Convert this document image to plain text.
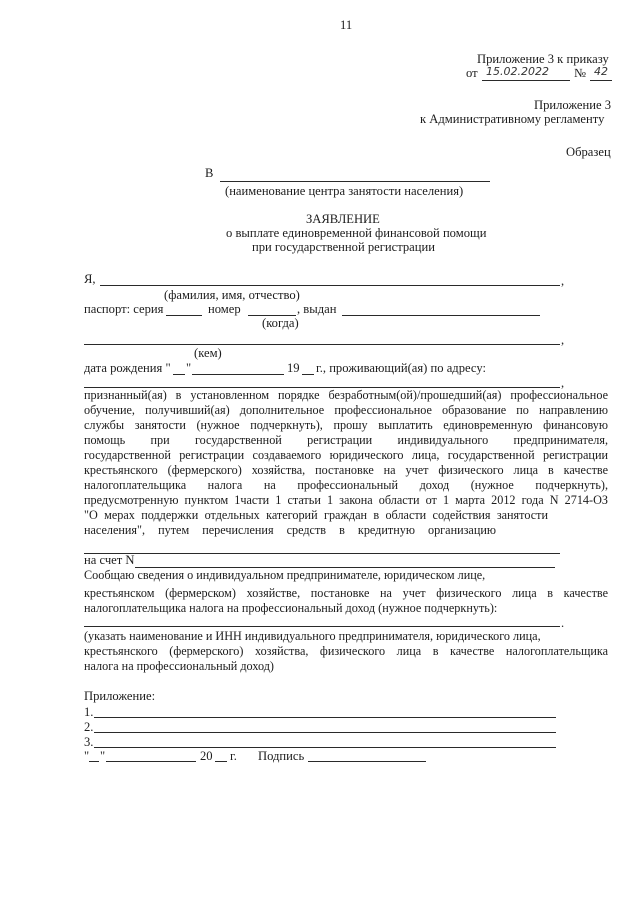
11
Приложение 3 к приказу
от 15.02.2022 № 42
Приложение 3
к Административному регламенту
Образец
В
(наименование центра занятости населения)
ЗАЯВЛЕНИЕ
о выплате единовременной финансовой помощи
при государственной регистрации
Я,	,
(фамилия, имя, отчество)
паспорт: серия	номер	, выдан
(когда)
,
(кем)
дата рождения " "	19 г., проживающий(ая) по адресу:
,
признанный(ая) в установленном порядке безработным(ой)/прошедший(ая) профессиональное
обучение, получивший(ая) дополнительное профессиональное образование по направлению
службы занятости (нужное подчеркнуть), прошу выплатить единовременную финансовую
помощь при государственной регистрации индивидуального предпринимателя,
государственной регистрации создаваемого юридического лица, государственной регистрации
крестьянского (фермерского) хозяйства, постановке на учет физического лица в качестве
налогоплательщика налога на профессиональный доход (нужное подчеркнуть),
предусмотренную пунктом 1части 1 статьи 1 закона области от 1 марта 2012 года N 2714-ОЗ
"О мерах поддержки отдельных категорий граждан в области содействия занятости
населения", путем перечисления средств в кредитную организацию
на счет N
Сообщаю сведения о индивидуальном предпринимателе, юридическом лице,
крестьянском (фермерском) хозяйстве, постановке на учет физического лица в качестве
налогоплательщика налога на профессиональный доход (нужное подчеркнуть):
.
(указать наименование и ИНН индивидуального предпринимателя, юридического лица,
крестьянского (фермерского) хозяйства, физического лица в качестве налогоплательщика
налога на профессиональный доход)
Приложение:
1.
2.
3.
" "	20 г. Подпись
